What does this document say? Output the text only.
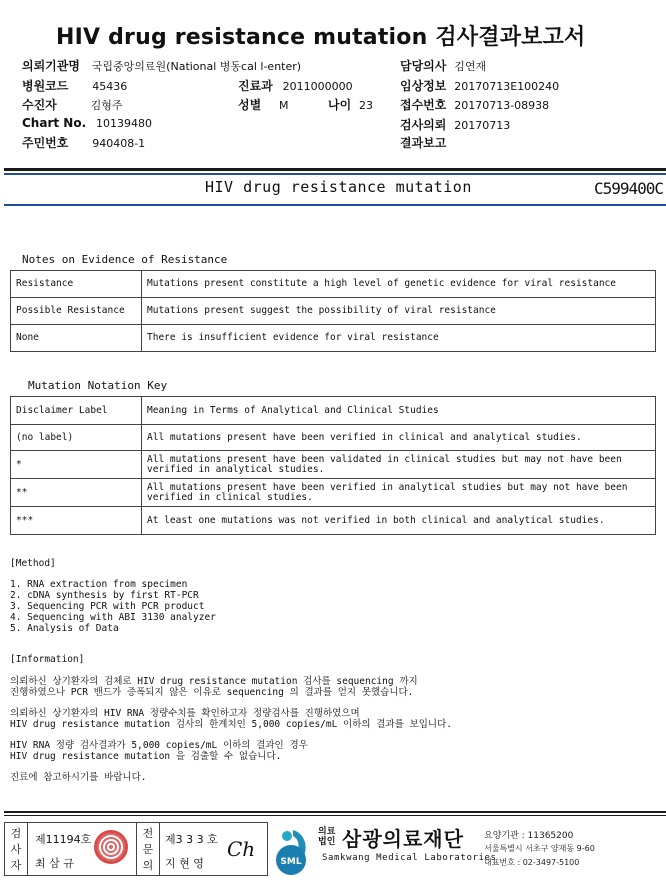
HIV drug resistance mutation 검사결과보고서
의뢰기관명 국립중앙의료원(National 병동cal l-enter)	담당의사 김연재
병원코드 45436	진료과 2011000000	임상정보 20170713E100240
수진자	김형주	성별 M	나이 23 접수번호 20170713-08938
Chart No. 10139480	검사의뢰 20170713
주민번호 940408-1	결과보고
HIV drug resistance mutation	C599400C
Notes on Evidence of Resistance
Resistance	Mutations present constitute a high level of genetic evidence for viral resistance
Possible Resistance	Mutations present suggest the possibility of viral resistance
None	There is insufficient evidence for viral resistance
Mutation Notation Key
Disclaimer Label	Meaning in Terms of Analytical and Clinical Studies
(no label)	All mutations present have been verified in clinical and analytical studies.
*	All mutations present have been validated in clinical studies but may not have been verified in analytical studies.
**	All mutations present have been verified in analytical studies but may not have been verified in clinical studies.
***	At least one mutations was not verified in both clinical and analytical studies.
[Method]
1. RNA extraction from specimen
2. cDNA synthesis by first RT-PCR
3. Sequencing PCR with PCR product
4. Sequencing with ABI 3130 analyzer
5. Analysis of Data
[Information]
의뢰하신 상기환자의 검체로 HIV drug resistance mutation 검사를 sequencing 까지
진행하였으나 PCR 밴드가 증폭되지 않은 이유로 sequencing 의 결과를 얻지 못했습니다.
의뢰하신 상기환자의 HIV RNA 정량수치를 확인하고자 정량검사를 진행하였으며
HIV drug resistance mutation 검사의 한계치인 5,000 copies/mL 이하의 결과를 보입니다.
HIV RNA 정량 검사결과가 5,000 copies/mL 이하의 결과인 경우
HIV drug resistance mutation 을 검출할 수 없습니다.
진료에 참고하시기를 바랍니다.
검
사
자
제11194호
최 삼 규
전
문
의
제3 3 3 호
지 현 영
Ch
SML
의료
법인 삼광의료재단
Samkwang Medical Laboratories
요양기관 : 11365200
서울특별시 서초구 양재동 9-60
대표번호 : 02-3497-5100
